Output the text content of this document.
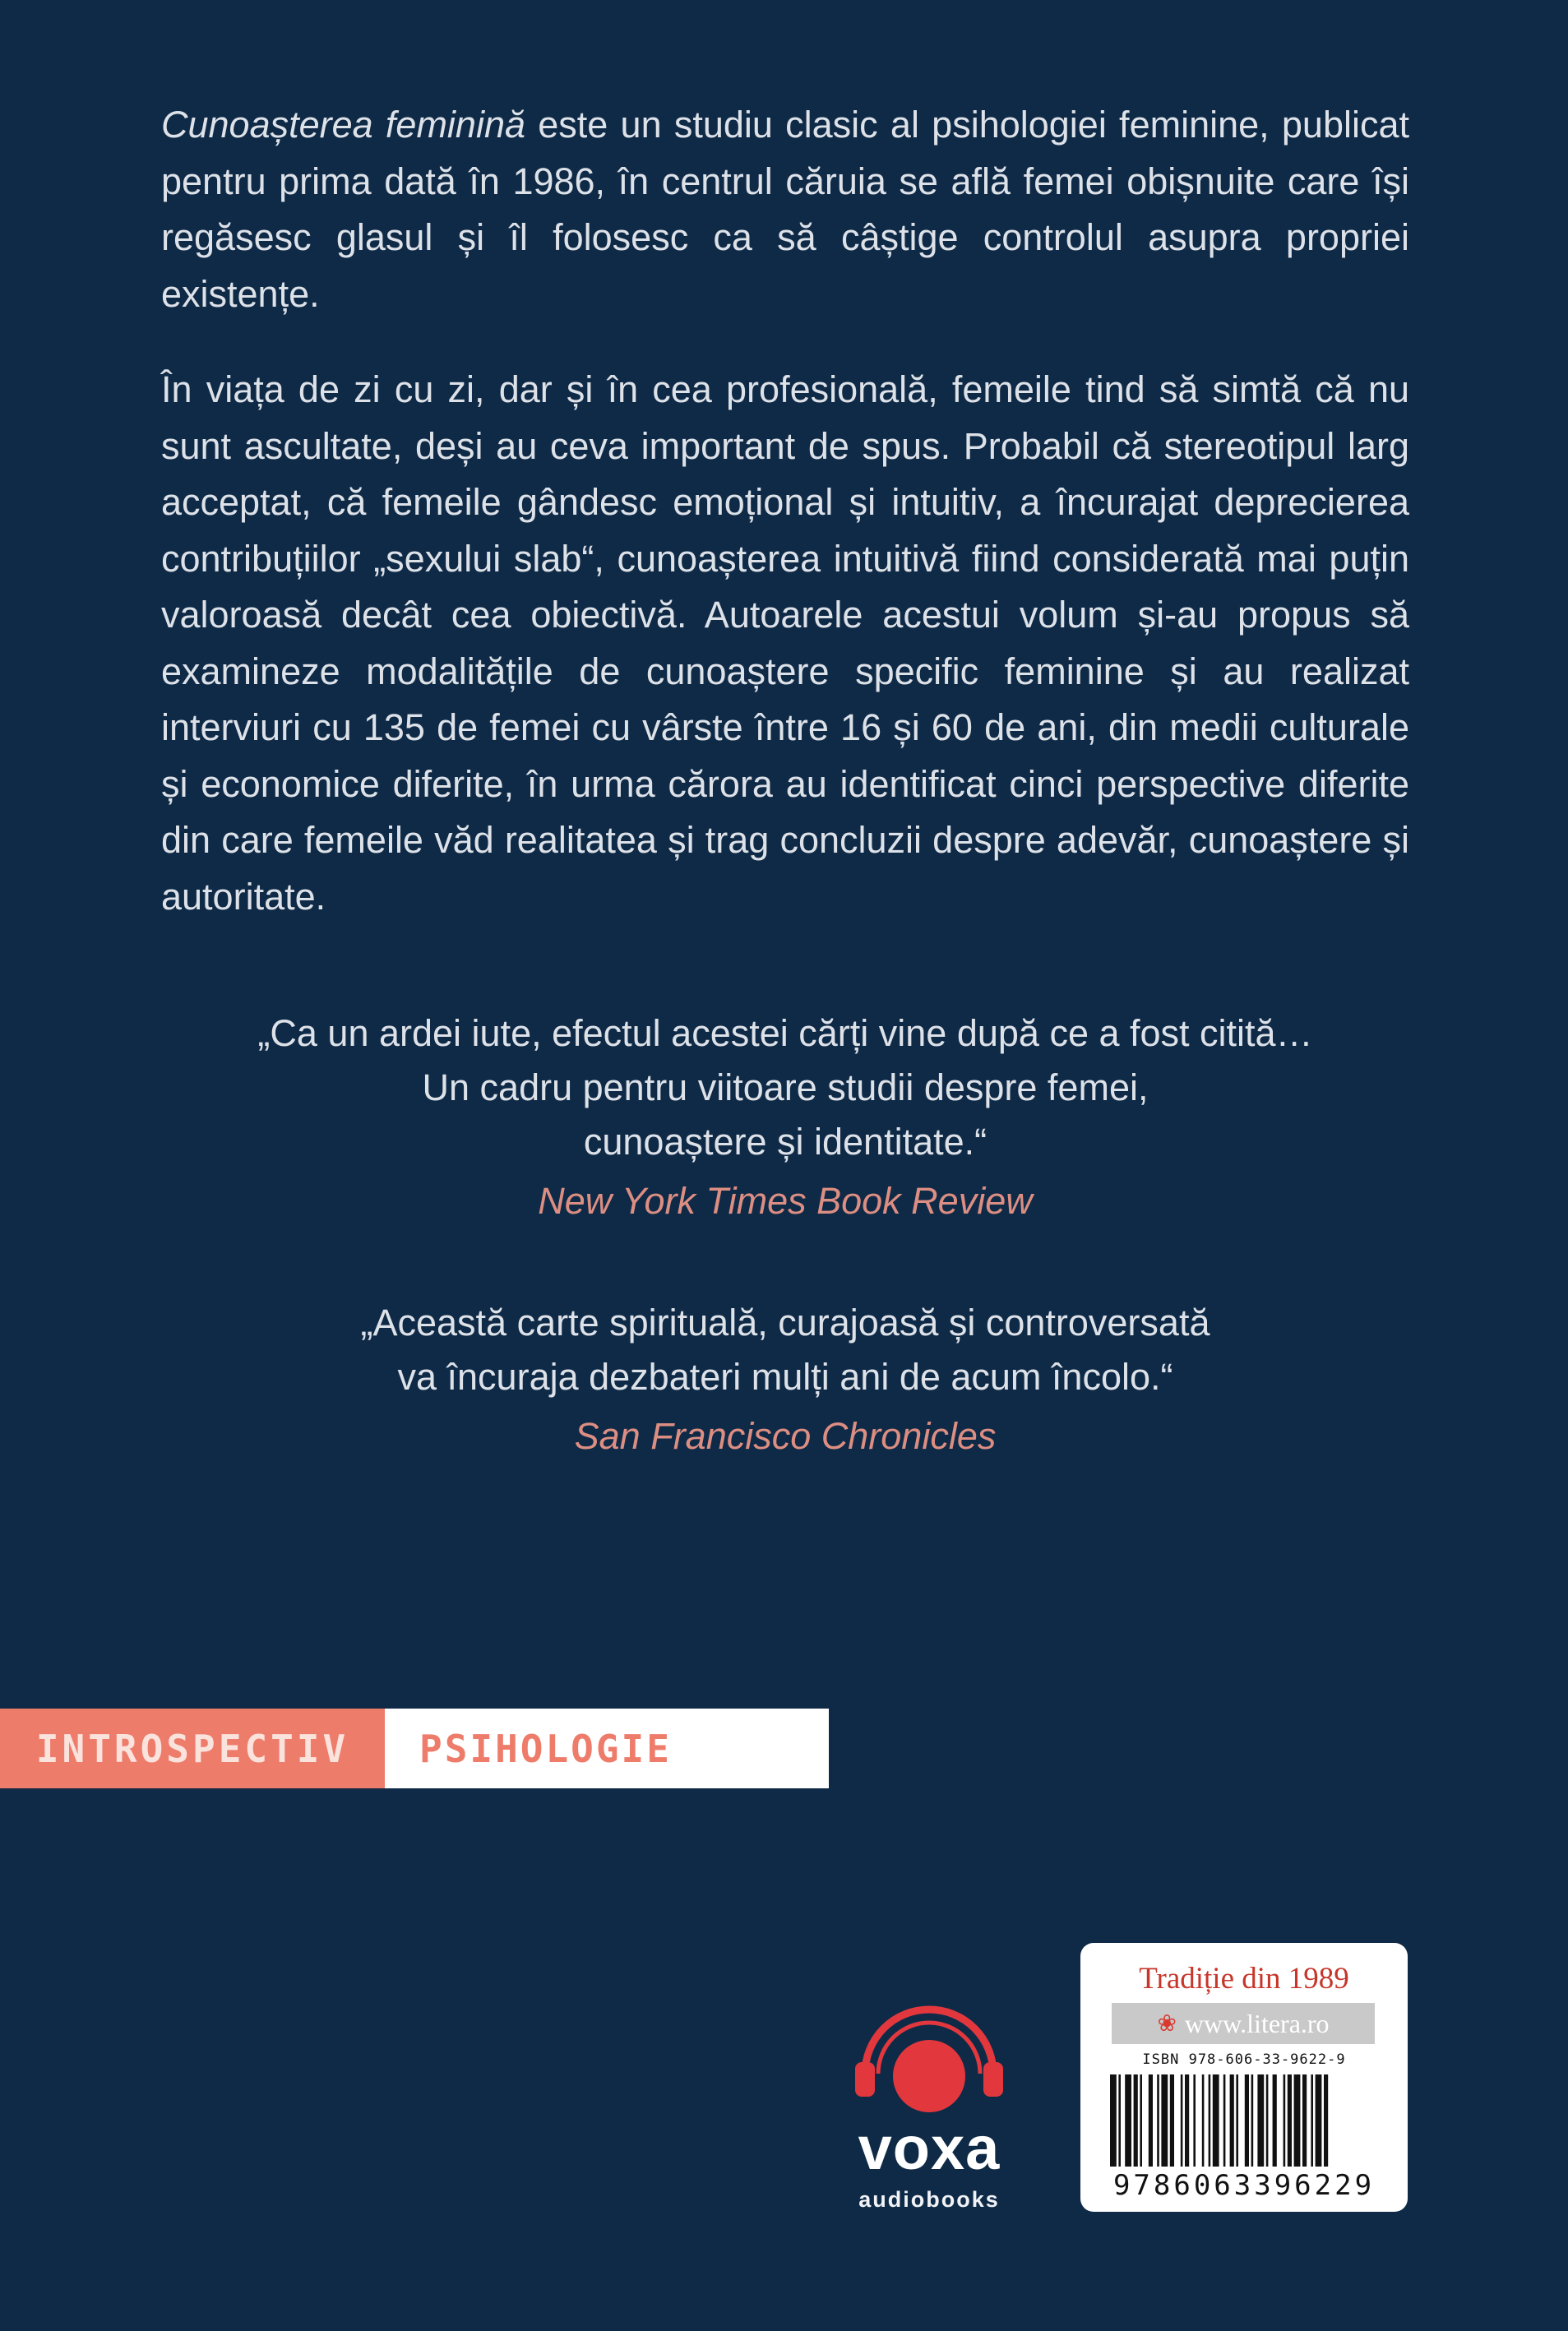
Cunoașterea feminină este un studiu clasic al psihologiei feminine, publicat pentru prima dată în 1986, în centrul căruia se află femei obișnuite care își regăsesc glasul și îl folosesc ca să câștige controlul asupra propriei existențe.

În viața de zi cu zi, dar și în cea profesională, femeile tind să simtă că nu sunt ascultate, deși au ceva important de spus. Probabil că stereotipul larg acceptat, că femeile gândesc emoțional și intuitiv, a încurajat deprecierea contribuțiilor „sexului slab“, cunoașterea intuitivă fiind considerată mai puțin valoroasă decât cea obiectivă. Autoarele acestui volum și-au propus să examineze modalitățile de cunoaștere specific feminine și au realizat interviuri cu 135 de femei cu vârste între 16 și 60 de ani, din medii culturale și economice diferite, în urma cărora au identificat cinci perspective diferite din care femeile văd realitatea și trag concluzii despre adevăr, cunoaștere și autoritate.

„Ca un ardei iute, efectul acestei cărți vine după ce a fost citită…
Un cadru pentru viitoare studii despre femei,
cunoaștere și identitate.“
New York Times Book Review
„Această carte spirituală, curajoasă și controversată
va încuraja dezbateri mulți ani de acum încolo.“
San Francisco Chronicles
INTROSPECTIV	PSIHOLOGIE
voxa
audiobooks
Tradiție din 1989
❀ www.litera.ro
ISBN 978-606-33-9622-9
9786063396229
